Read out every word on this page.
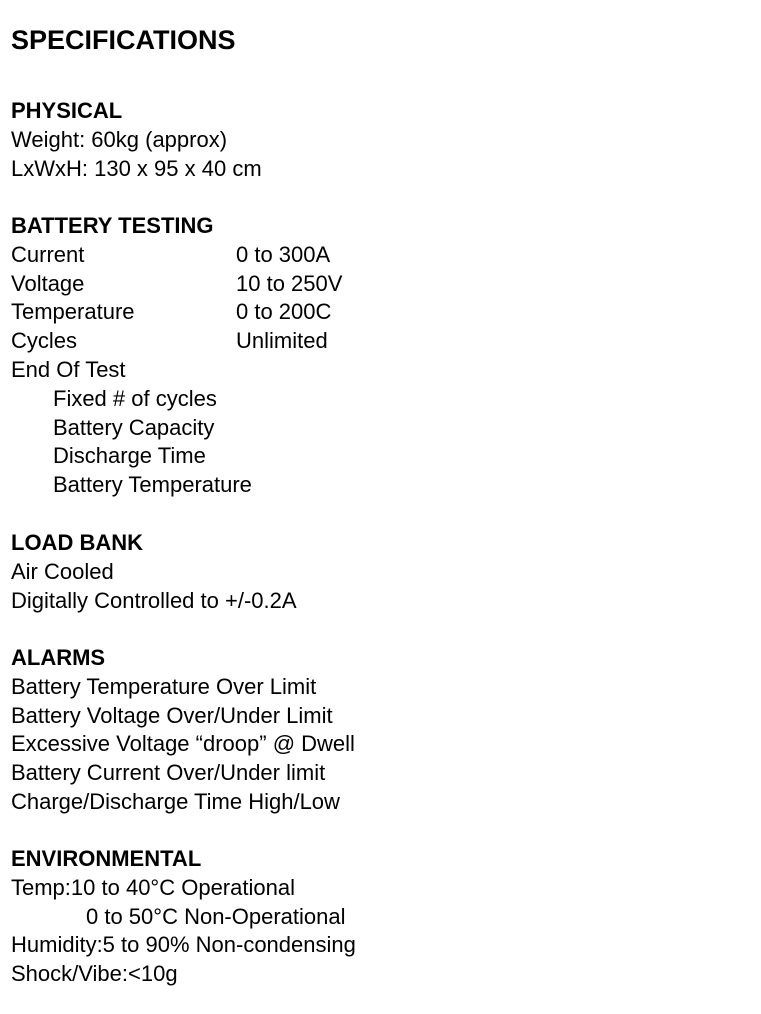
SPECIFICATIONS
PHYSICAL
Weight: 60kg (approx)
LxWxH: 130 x 95 x 40 cm
BATTERY TESTING
Current	0 to 300A
Voltage	10 to 250V
Temperature	0 to 200C
Cycles	Unlimited
End Of Test
Fixed # of cycles
Battery Capacity
Discharge Time
Battery Temperature
LOAD BANK
Air Cooled
Digitally Controlled to +/-0.2A
ALARMS
Battery Temperature Over Limit
Battery Voltage Over/Under Limit
Excessive Voltage “droop” @ Dwell
Battery Current Over/Under limit
Charge/Discharge Time High/Low
ENVIRONMENTAL
Temp:10 to 40°C Operational
0 to 50°C Non-Operational
Humidity:5 to 90% Non-condensing
Shock/Vibe:<10g
